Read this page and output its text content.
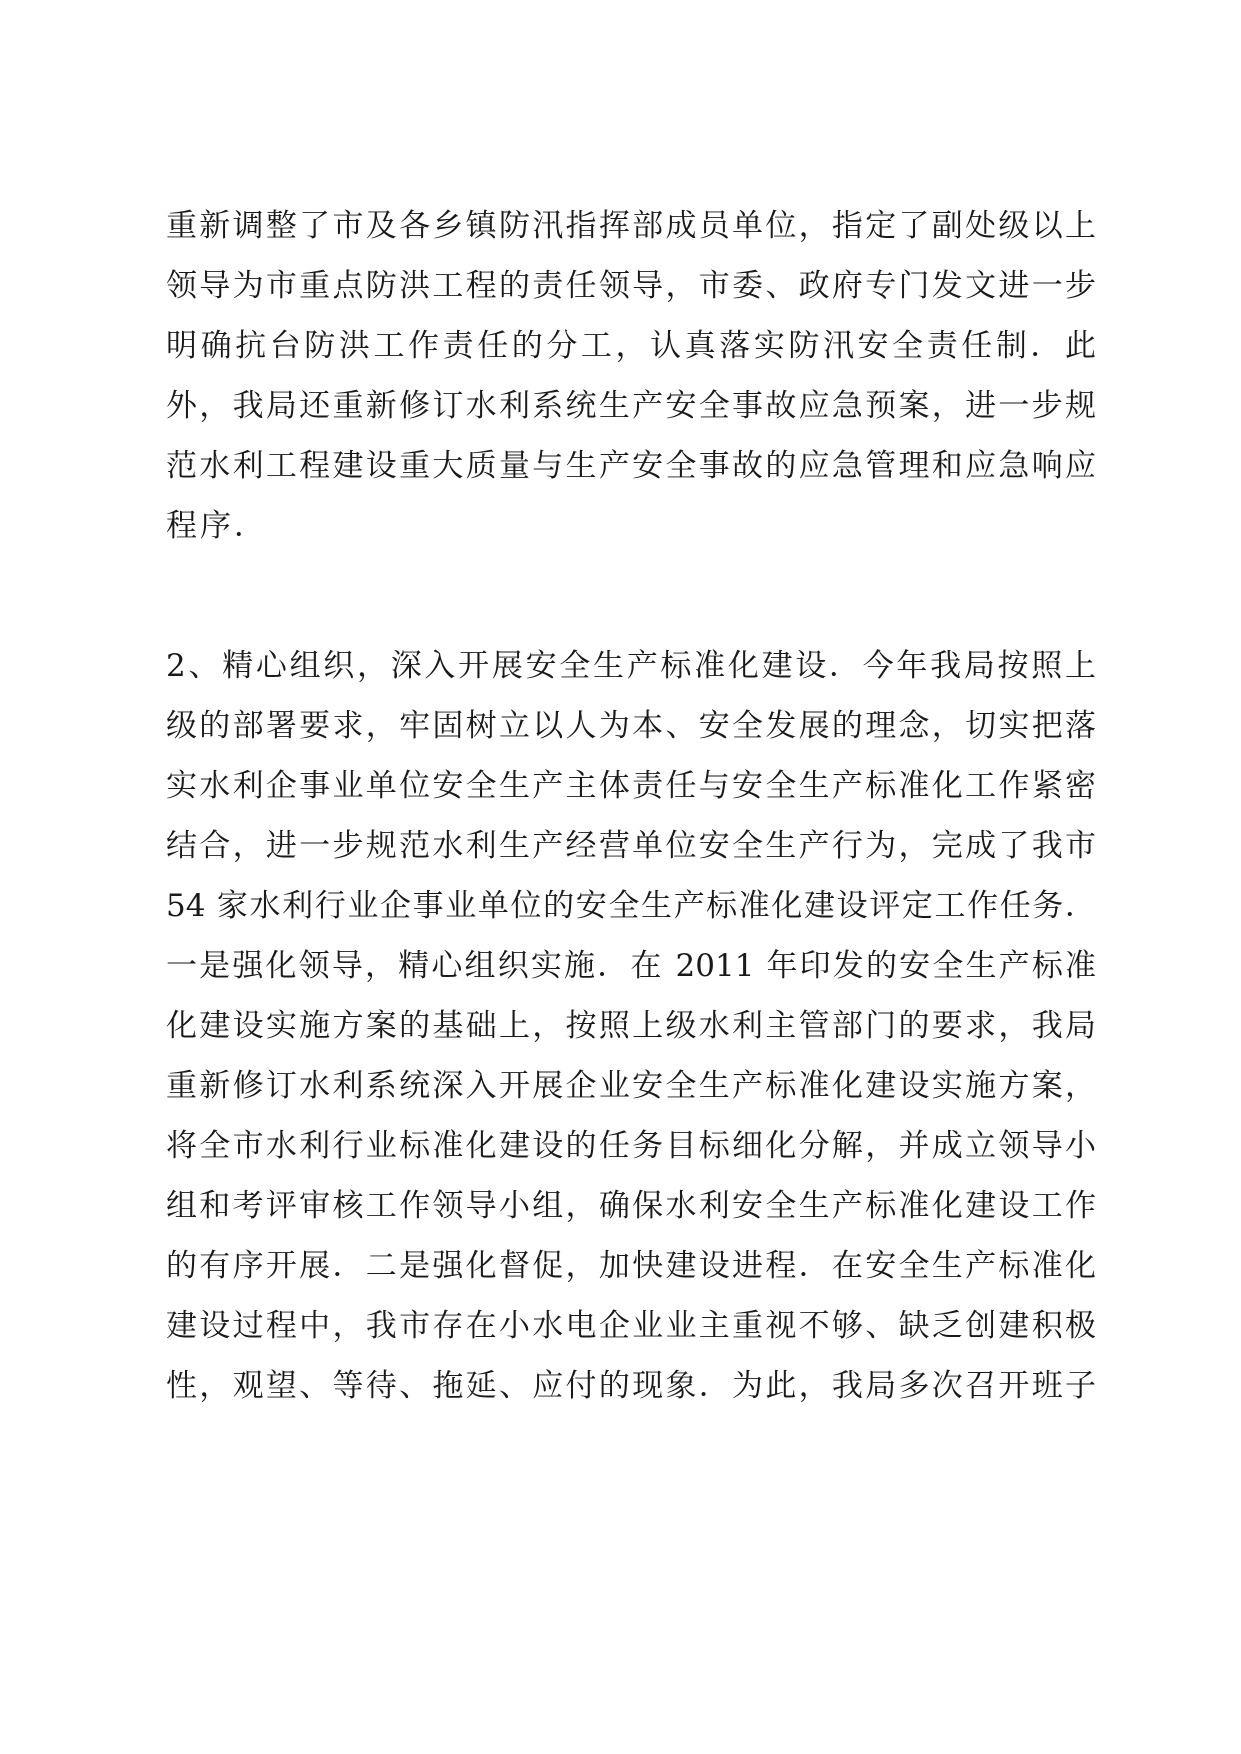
重新调整了市及各乡镇防汛指挥部成员单位，指定了副处级以上
领导为市重点防洪工程的责任领导，市委、政府专门发文进一步
明确抗台防洪工作责任的分工，认真落实防汛安全责任制．此
外，我局还重新修订水利系统生产安全事故应急预案，进一步规
范水利工程建设重大质量与生产安全事故的应急管理和应急响应
程序．
2、精心组织，深入开展安全生产标准化建设．今年我局按照上
级的部署要求，牢固树立以人为本、安全发展的理念，切实把落
实水利企事业单位安全生产主体责任与安全生产标准化工作紧密
结合，进一步规范水利生产经营单位安全生产行为，完成了我市
54 家水利行业企事业单位的安全生产标准化建设评定工作任务．
一是强化领导，精心组织实施．在 2011 年印发的安全生产标准
化建设实施方案的基础上，按照上级水利主管部门的要求，我局
重新修订水利系统深入开展企业安全生产标准化建设实施方案，
将全市水利行业标准化建设的任务目标细化分解，并成立领导小
组和考评审核工作领导小组，确保水利安全生产标准化建设工作
的有序开展．二是强化督促，加快建设进程．在安全生产标准化
建设过程中，我市存在小水电企业业主重视不够、缺乏创建积极
性，观望、等待、拖延、应付的现象．为此，我局多次召开班子
